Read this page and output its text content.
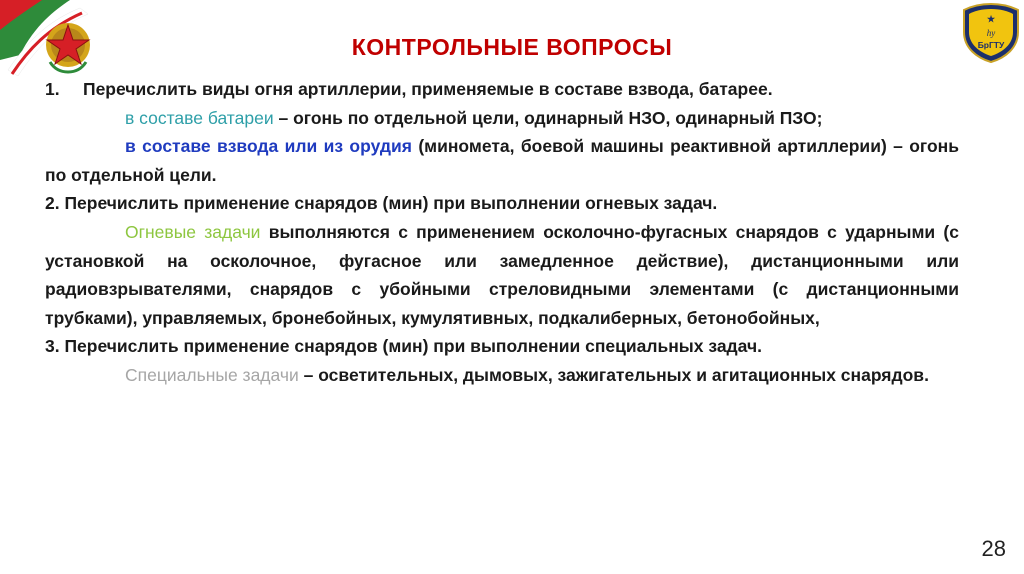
★
hy
БрГТУ
КОНТРОЛЬНЫЕ ВОПРОСЫ

1.	Перечислить виды огня артиллерии, применяемые в составе взвода, батарее.

в составе батареи – огонь по отдельной цели, одинарный НЗО, одинарный ПЗО;

в составе взвода или из орудия (миномета, боевой машины реактивной артиллерии) – огонь по отдельной цели.

2. Перечислить применение снарядов (мин) при выполнении огневых задач.

Огневые задачи выполняются с применением осколочно-фугасных снарядов с ударными (с установкой на осколочное, фугасное или замедленное действие), дистанционными или радиовзрывателями, снарядов с убойными стреловидными элементами (с дистанционными трубками), управляемых, бронебойных, кумулятивных, подкалиберных, бетонобойных,

3. Перечислить применение снарядов (мин) при выполнении специальных задач.

Специальные задачи – осветительных, дымовых, зажигательных и агитационных снарядов.

28
